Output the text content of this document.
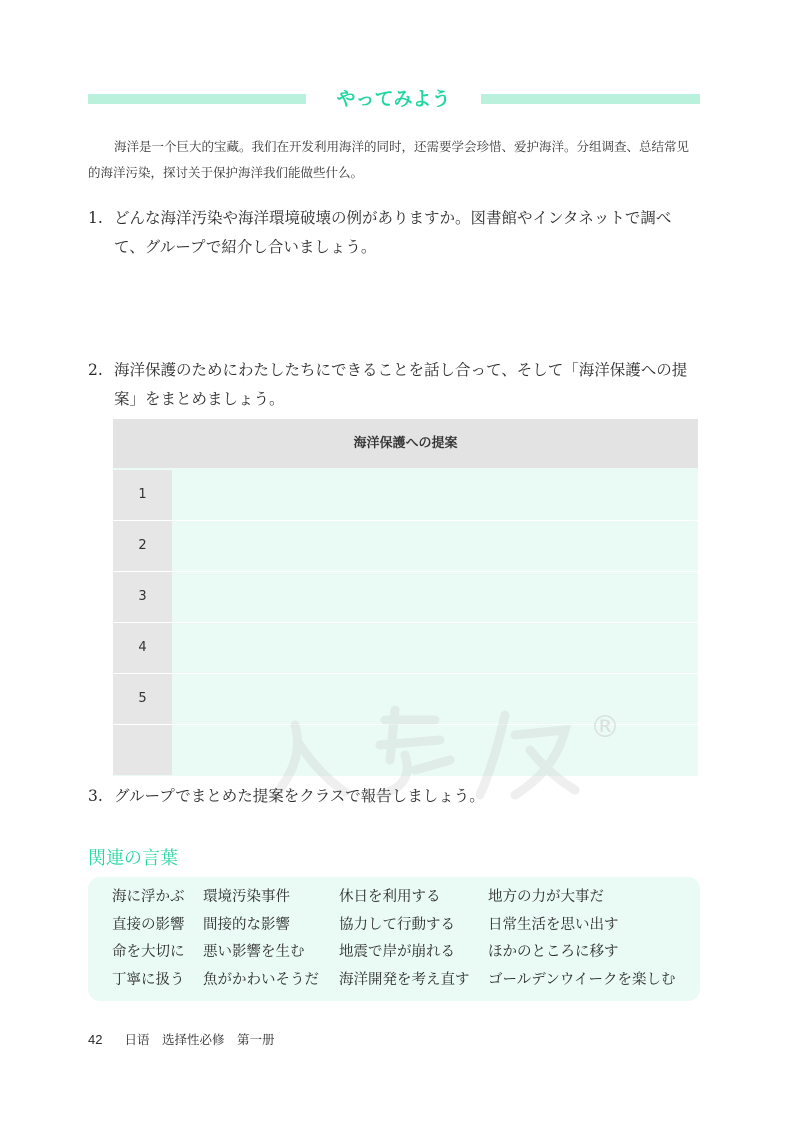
やってみよう
海洋是一个巨大的宝藏。我们在开发利用海洋的同时，还需要学会珍惜、爱护海洋。分组调查、总结常见的海洋污染，探讨关于保护海洋我们能做些什么。
1. どんな海洋汚染や海洋環境破壊の例がありますか。図書館やインタネットで調べて、グループで紹介し合いましょう。
2. 海洋保護のためにわたしたちにできることを話し合って、そして「海洋保護への提案」をまとめましょう。
海洋保護への提案
1
2
3
4
5
®
3. グループでまとめた提案をクラスで報告しましょう。
関連の言葉
海に浮かぶ
直接の影響
命を大切に
丁寧に扱う
環境汚染事件
間接的な影響
悪い影響を生む
魚がかわいそうだ
休日を利用する
協力して行動する
地震で岸が崩れる
海洋開発を考え直す
地方の力が大事だ
日常生活を思い出す
ほかのところに移す
ゴールデンウイークを楽しむ
42 日语　选择性必修　第一册
